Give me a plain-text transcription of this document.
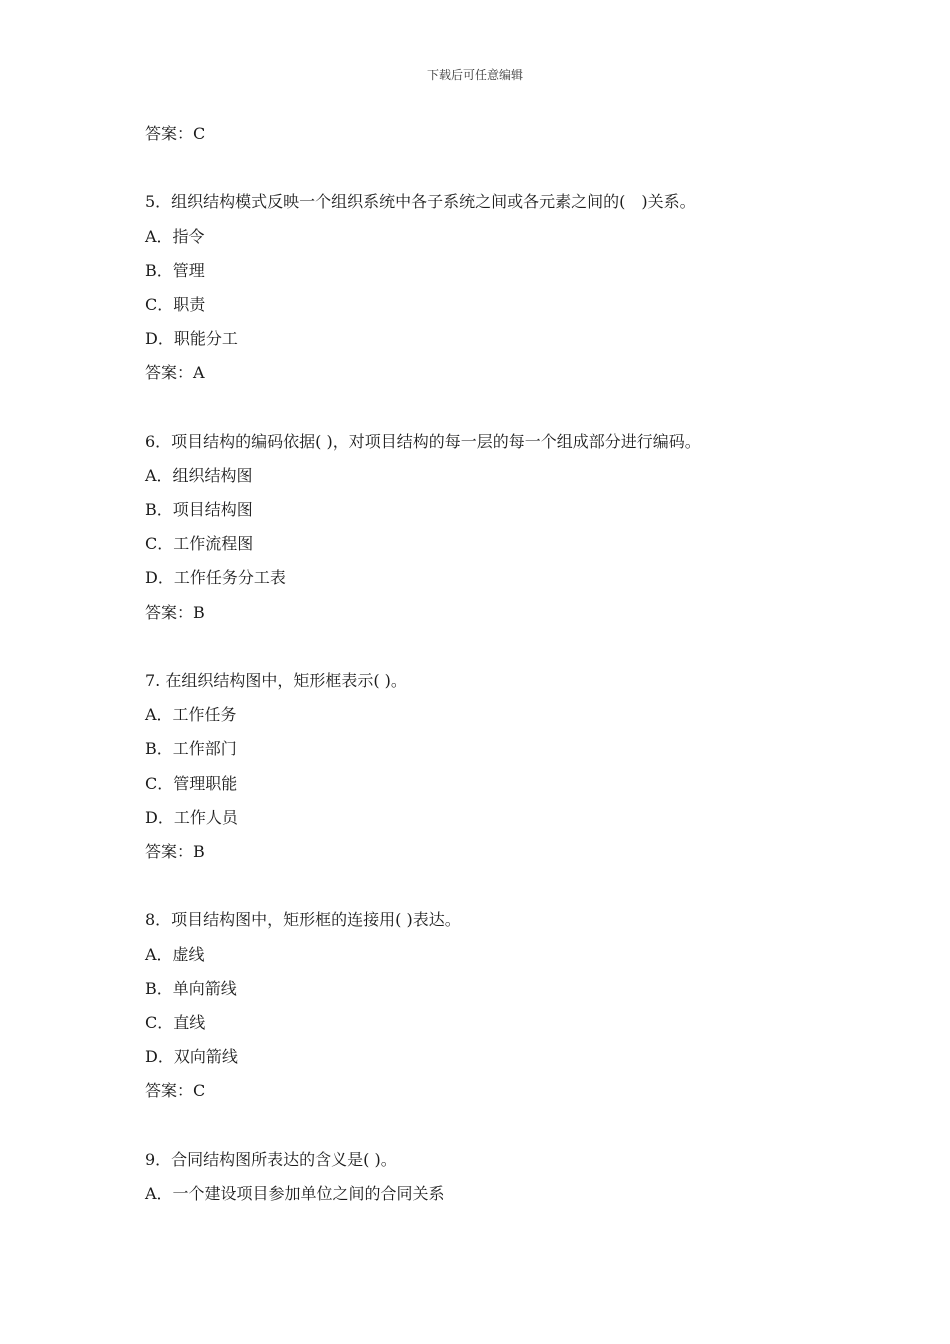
下载后可任意编辑
答案：C
5．组织结构模式反映一个组织系统中各子系统之间或各元素之间的(　)关系。
A．指令
B．管理
C．职责
D．职能分工
答案：A
6．项目结构的编码依据( )，对项目结构的每一层的每一个组成部分进行编码。
A．组织结构图
B．项目结构图
C．工作流程图
D．工作任务分工表
答案：B
7. 在组织结构图中，矩形框表示( )。
A．工作任务
B．工作部门
C．管理职能
D．工作人员
答案：B
8．项目结构图中，矩形框的连接用( )表达。
A．虚线
B．单向箭线
C．直线
D．双向箭线
答案：C
9．合同结构图所表达的含义是( )。
A．一个建设项目参加单位之间的合同关系
